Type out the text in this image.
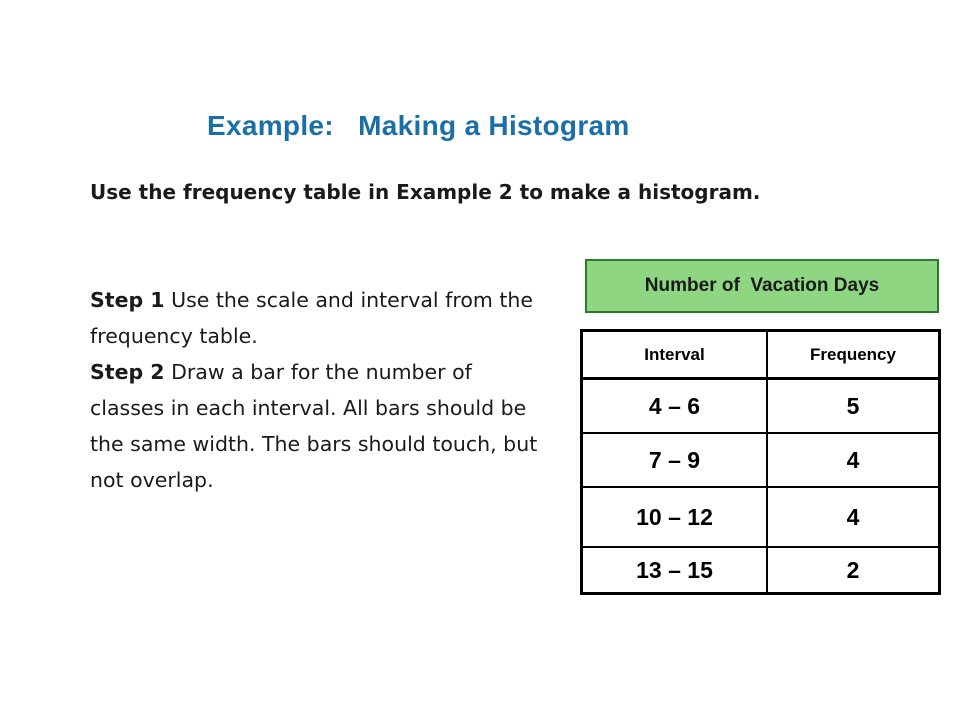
Example:   Making a Histogram

Use the frequency table in Example 2 to make a histogram.

Step 1 Use the scale and interval from the frequency table.

Step 2 Draw a bar for the number of classes in each interval. All bars should be the same width. The bars should touch, but not overlap.

Number of  Vacation Days
Interval	Frequency
4 – 6	5
7 – 9	4
10 – 12	4
13 – 15	2
